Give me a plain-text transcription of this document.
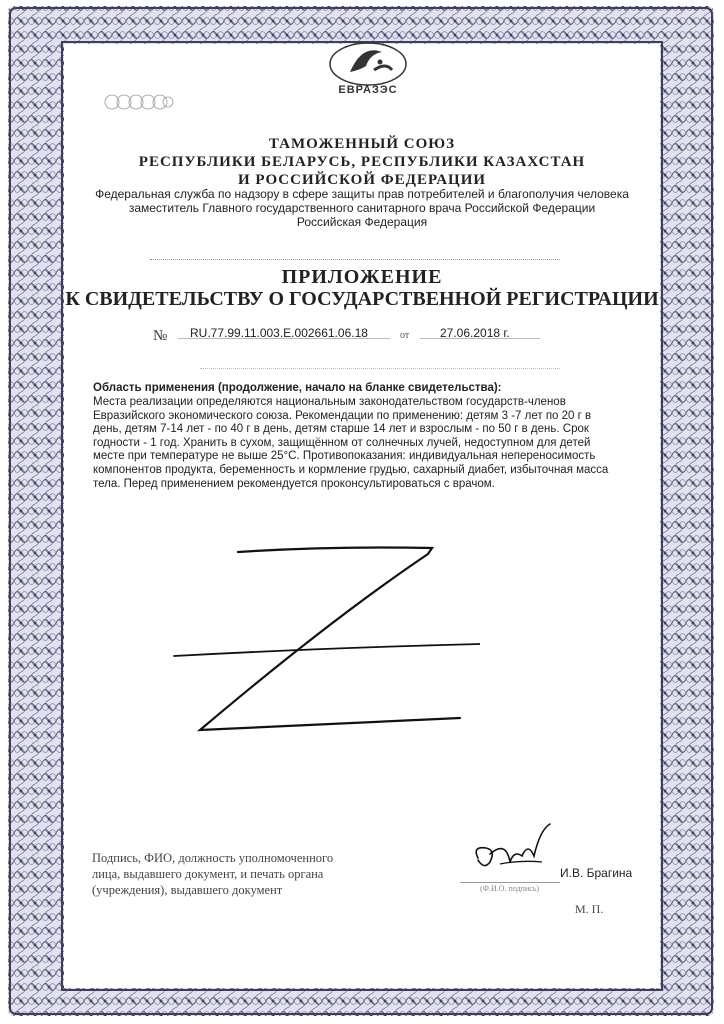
ЕВРАЗЭС
ТАМОЖЕННЫЙ СОЮЗ
РЕСПУБЛИКИ БЕЛАРУСЬ, РЕСПУБЛИКИ КАЗАХСТАН
И РОССИЙСКОЙ ФЕДЕРАЦИИ
Федеральная служба по надзору в сфере защиты прав потребителей и благополучия человека
заместитель Главного государственного санитарного врача Российской Федерации
Российская Федерация
ПРИЛОЖЕНИЕ
К СВИДЕТЕЛЬСТВУ О ГОСУДАРСТВЕННОЙ РЕГИСТРАЦИИ
№ RU.77.99.11.003.E.002661.06.18	от	27.06.2018 г.
Область применения (продолжение, начало на бланке свидетельства):
Места реализации определяются национальным законодательством государств-членов
Евразийского экономического союза. Рекомендации по применению: детям 3 -7 лет по 20 г в
день, детям 7-14 лет - по 40 г в день, детям старше 14 лет и взрослым - по 50 г в день. Срок
годности - 1 год. Хранить в сухом, защищённом от солнечных лучей, недоступном для детей
месте при температуре не выше 25°С. Противопоказания: индивидуальная непереносимость
компонентов продукта, беременность и кормление грудью, сахарный диабет, избыточная масса
тела. Перед применением рекомендуется проконсультироваться с врачом.
Подпись, ФИО, должность уполномоченного
лица, выдавшего документ, и печать органа
(учреждения), выдавшего документ
И.В. Брагина
(Ф.И.О. подпись)
М. П.
